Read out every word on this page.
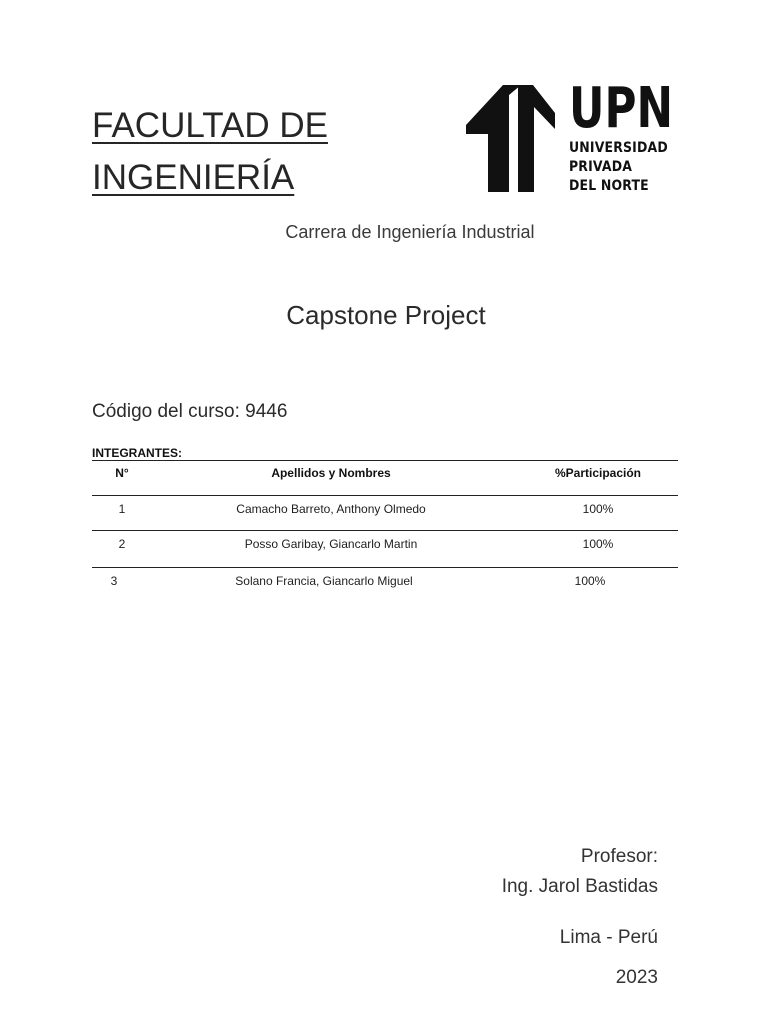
FACULTAD DE
INGENIERÍA
UPN
UNIVERSIDAD
PRIVADA
DEL NORTE
Carrera de Ingeniería Industrial
Capstone Project
Código del curso: 9446
INTEGRANTES:
N°	Apellidos y Nombres	%Participación
1	Camacho Barreto, Anthony Olmedo	100%
2	Posso Garibay, Giancarlo Martin	100%
3	Solano Francia, Giancarlo Miguel	100%
Profesor:
Ing. Jarol Bastidas
Lima - Perú
2023
